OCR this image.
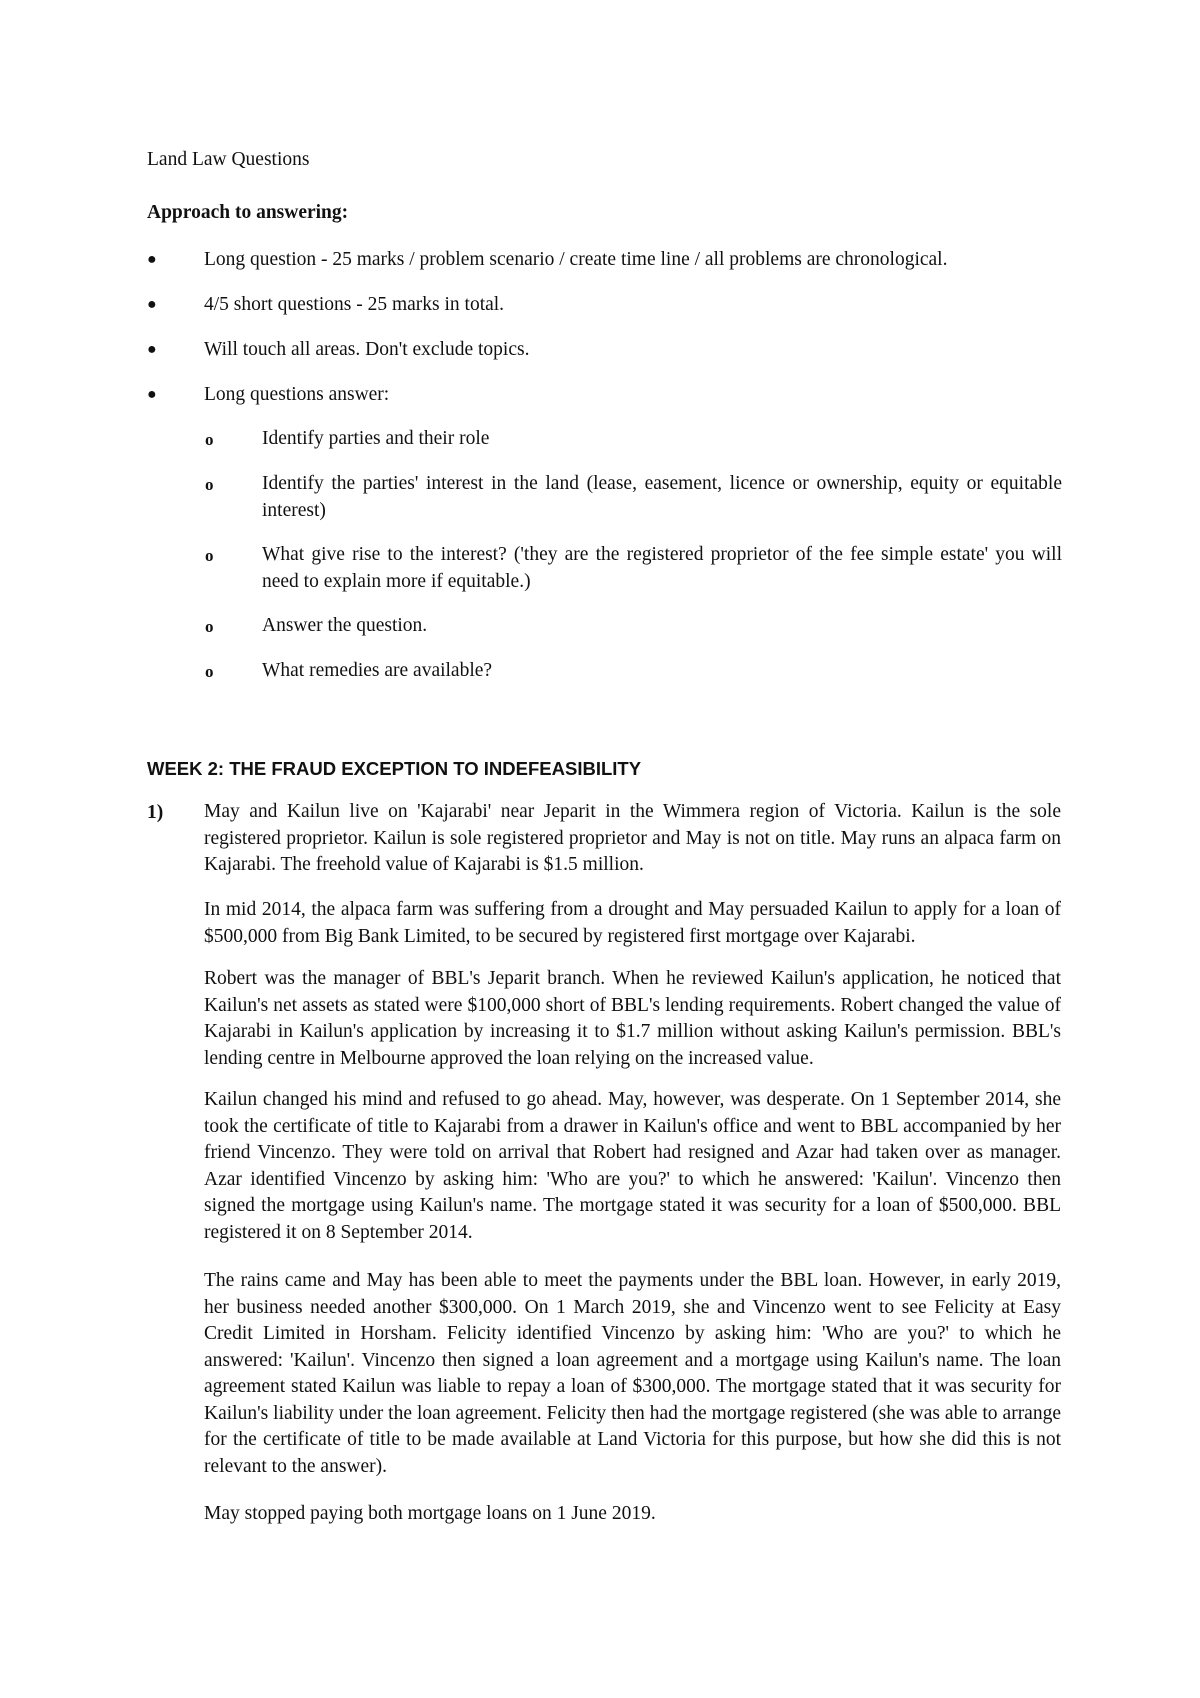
Land Law Questions
Approach to answering:
●	Long question - 25 marks / problem scenario / create time line / all problems are chronological.
●	4/5 short questions - 25 marks in total.
●	Will touch all areas. Don't exclude topics.
●	Long questions answer:
o Identify parties and their role
o Identify the parties' interest in the land (lease, easement, licence or ownership, equity or equitable interest)
o What give rise to the interest? ('they are the registered proprietor of the fee simple estate' you will need to explain more if equitable.)
o Answer the question.
o What remedies are available?
WEEK 2: THE FRAUD EXCEPTION TO INDEFEASIBILITY
1) May and Kailun live on 'Kajarabi' near Jeparit in the Wimmera region of Victoria. Kailun is the sole registered proprietor. Kailun is sole registered proprietor and May is not on title. May runs an alpaca farm on Kajarabi. The freehold value of Kajarabi is $1.5 million.
In mid 2014, the alpaca farm was suffering from a drought and May persuaded Kailun to apply for a loan of $500,000 from Big Bank Limited, to be secured by registered first mortgage over Kajarabi.
Robert was the manager of BBL's Jeparit branch. When he reviewed Kailun's application, he noticed that Kailun's net assets as stated were $100,000 short of BBL's lending requirements. Robert changed the value of Kajarabi in Kailun's application by increasing it to $1.7 million without asking Kailun's permission. BBL's lending centre in Melbourne approved the loan relying on the increased value.
Kailun changed his mind and refused to go ahead. May, however, was desperate. On 1 September 2014, she took the certificate of title to Kajarabi from a drawer in Kailun's office and went to BBL accompanied by her friend Vincenzo. They were told on arrival that Robert had resigned and Azar had taken over as manager. Azar identified Vincenzo by asking him: 'Who are you?' to which he answered: 'Kailun'. Vincenzo then signed the mortgage using Kailun's name. The mortgage stated it was security for a loan of $500,000. BBL registered it on 8 September 2014.
The rains came and May has been able to meet the payments under the BBL loan. However, in early 2019, her business needed another $300,000. On 1 March 2019, she and Vincenzo went to see Felicity at Easy Credit Limited in Horsham. Felicity identified Vincenzo by asking him: 'Who are you?' to which he answered: 'Kailun'. Vincenzo then signed a loan agreement and a mortgage using Kailun's name. The loan agreement stated Kailun was liable to repay a loan of $300,000. The mortgage stated that it was security for Kailun's liability under the loan agreement. Felicity then had the mortgage registered (she was able to arrange for the certificate of title to be made available at Land Victoria for this purpose, but how she did this is not relevant to the answer).
May stopped paying both mortgage loans on 1 June 2019.
